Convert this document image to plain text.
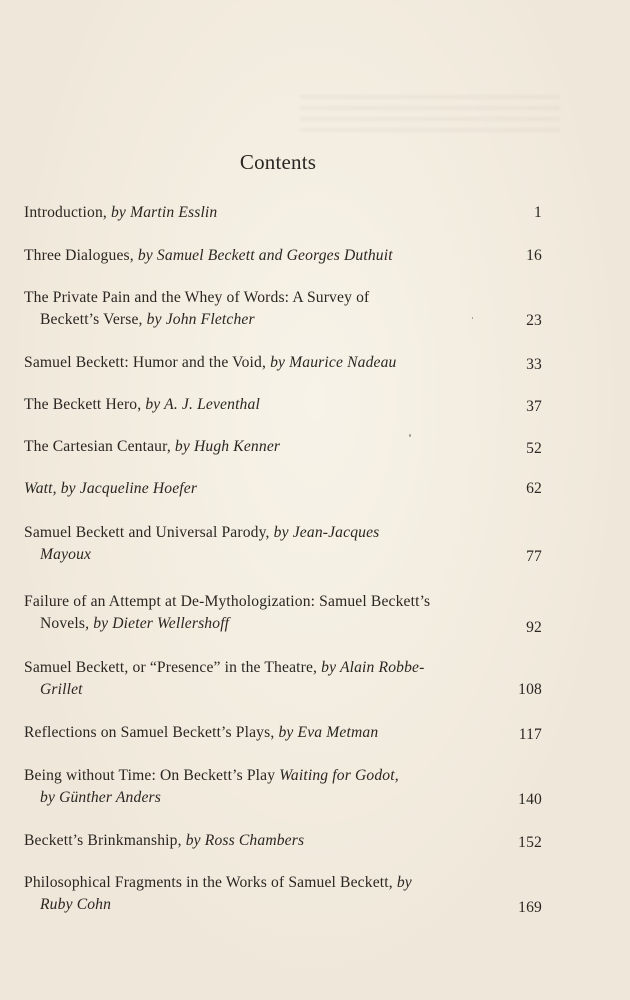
Contents
Introduction, by Martin Esslin	1
Three Dialogues, by Samuel Beckett and Georges Duthuit	16
The Private Pain and the Whey of Words: A Survey of
Beckett’s Verse, by John Fletcher	23
Samuel Beckett: Humor and the Void, by Maurice Nadeau	33
The Beckett Hero, by A. J. Leventhal	37
The Cartesian Centaur, by Hugh Kenner	52
Watt, by Jacqueline Hoefer	62
Samuel Beckett and Universal Parody, by Jean-Jacques
Mayoux	77
Failure of an Attempt at De-Mythologization: Samuel Beckett’s
Novels, by Dieter Wellershoff	92
Samuel Beckett, or “Presence” in the Theatre, by Alain Robbe-
Grillet	108
Reflections on Samuel Beckett’s Plays, by Eva Metman	117
Being without Time: On Beckett’s Play Waiting for Godot,
by Günther Anders	140
Beckett’s Brinkmanship, by Ross Chambers	152
Philosophical Fragments in the Works of Samuel Beckett, by
Ruby Cohn	169
